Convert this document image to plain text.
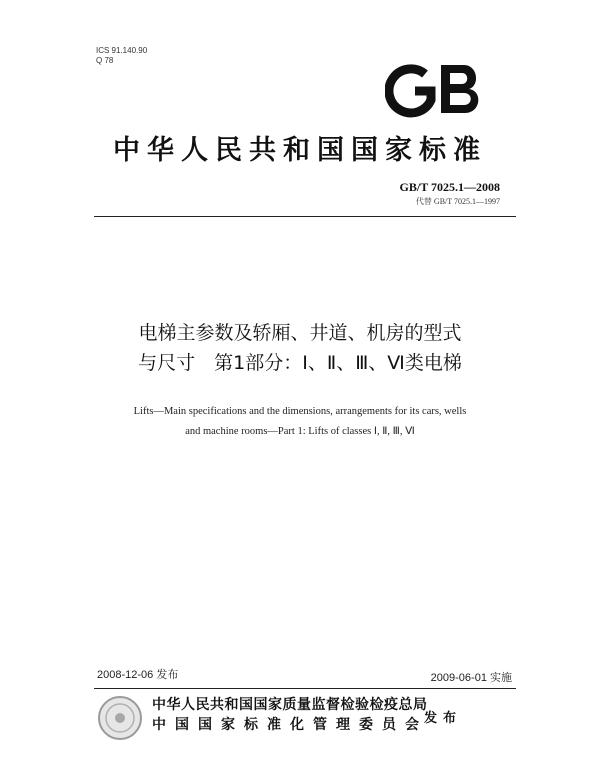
ICS 91.140.90
Q 78
中华人民共和国国家标准
GB/T 7025.1—2008
代替 GB/T 7025.1—1997
电梯主参数及轿厢、井道、机房的型式
与尺寸　第1部分：Ⅰ、Ⅱ、Ⅲ、Ⅵ类电梯
Lifts—Main specifications and the dimensions, arrangements for its cars, wells
and machine rooms—Part 1: Lifts of classes Ⅰ, Ⅱ, Ⅲ, Ⅵ
2008-12-06 发布	2009-06-01 实施
中华人民共和国国家质量监督检验检疫总局
中国国家标准化管理委员会
发布
